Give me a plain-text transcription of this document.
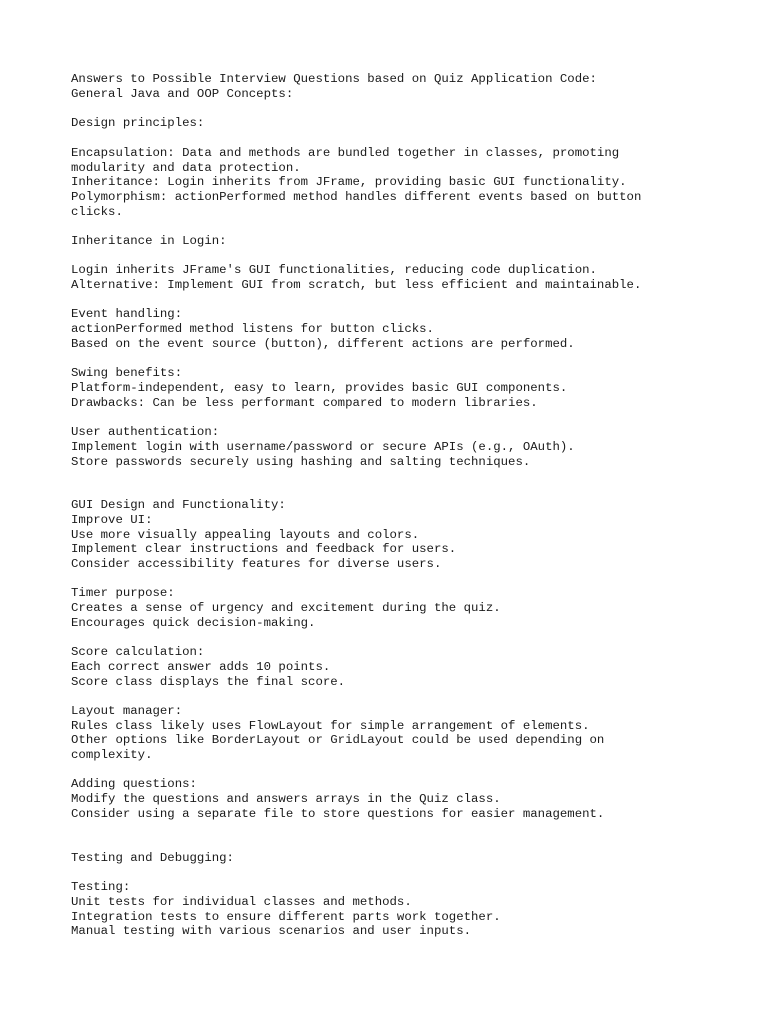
Answers to Possible Interview Questions based on Quiz Application Code:

General Java and OOP Concepts:

Design principles:

Encapsulation: Data and methods are bundled together in classes, promoting

modularity and data protection.

Inheritance: Login inherits from JFrame, providing basic GUI functionality.

Polymorphism: actionPerformed method handles different events based on button

clicks.

Inheritance in Login:

Login inherits JFrame's GUI functionalities, reducing code duplication.

Alternative: Implement GUI from scratch, but less efficient and maintainable.

Event handling:

actionPerformed method listens for button clicks.

Based on the event source (button), different actions are performed.

Swing benefits:

Platform-independent, easy to learn, provides basic GUI components.

Drawbacks: Can be less performant compared to modern libraries.

User authentication:

Implement login with username/password or secure APIs (e.g., OAuth).

Store passwords securely using hashing and salting techniques.

GUI Design and Functionality:

Improve UI:

Use more visually appealing layouts and colors.

Implement clear instructions and feedback for users.

Consider accessibility features for diverse users.

Timer purpose:

Creates a sense of urgency and excitement during the quiz.

Encourages quick decision-making.

Score calculation:

Each correct answer adds 10 points.

Score class displays the final score.

Layout manager:

Rules class likely uses FlowLayout for simple arrangement of elements.

Other options like BorderLayout or GridLayout could be used depending on

complexity.

Adding questions:

Modify the questions and answers arrays in the Quiz class.

Consider using a separate file to store questions for easier management.

Testing and Debugging:

Testing:

Unit tests for individual classes and methods.

Integration tests to ensure different parts work together.

Manual testing with various scenarios and user inputs.
